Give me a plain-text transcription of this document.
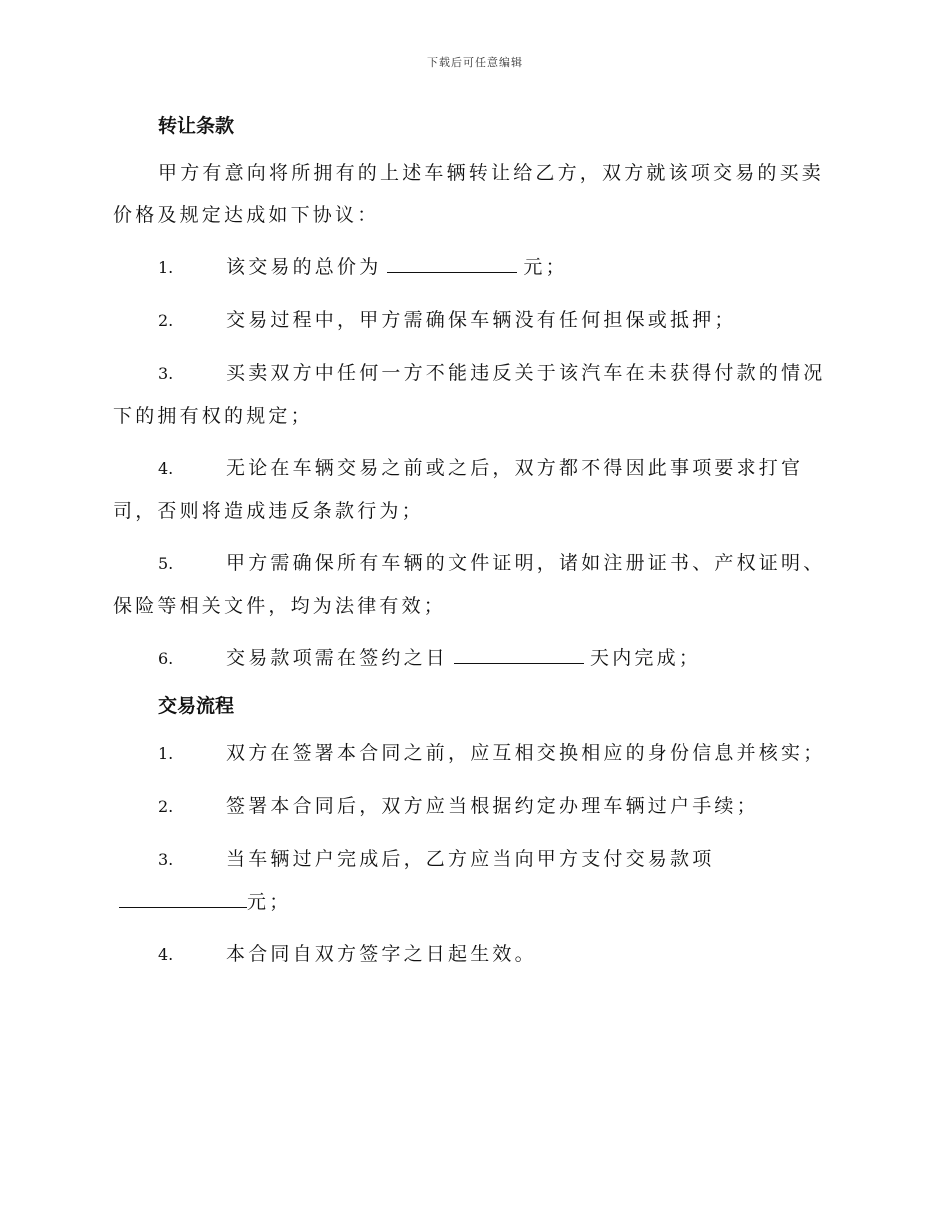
下载后可任意编辑
转让条款

甲方有意向将所拥有的上述车辆转让给乙方，双方就该项交易的买卖价格及规定达成如下协议：

1.	该交易的总价为	元；

2.	交易过程中，甲方需确保车辆没有任何担保或抵押；

3.	买卖双方中任何一方不能违反关于该汽车在未获得付款的情况下的拥有权的规定；

4.	无论在车辆交易之前或之后，双方都不得因此事项要求打官司，否则将造成违反条款行为；

5.	甲方需确保所有车辆的文件证明，诸如注册证书、产权证明、保险等相关文件，均为法律有效；

6.	交易款项需在签约之日	天内完成；

交易流程

1.	双方在签署本合同之前，应互相交换相应的身份信息并核实；

2.	签署本合同后，双方应当根据约定办理车辆过户手续；

3.	当车辆过户完成后，乙方应当向甲方支付交易款项元；

4.	本合同自双方签字之日起生效。
